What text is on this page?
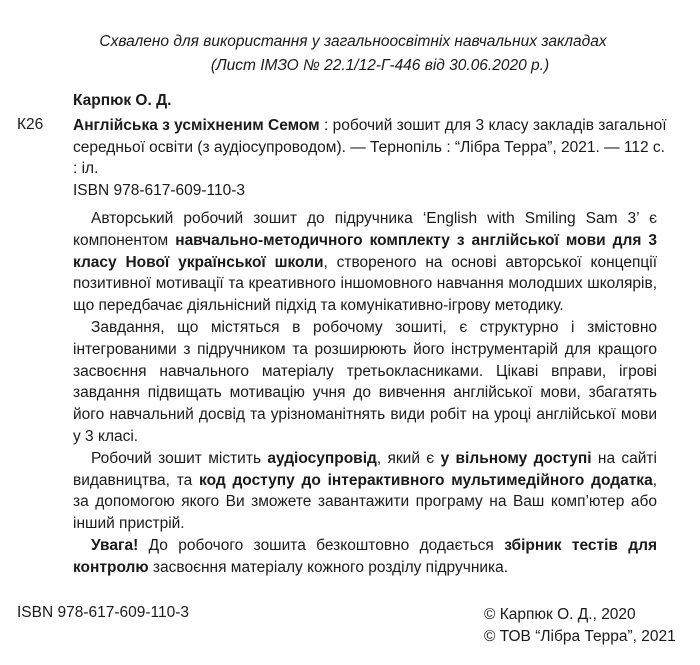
Схвалено для використання у загальноосвітніх навчальних закладах
(Лист ІМЗО № 22.1/12-Г-446 від 30.06.2020 р.)
Карпюк О. Д.
К26 Англійська з усміхненим Семом : робочий зошит для 3 класу закладів загальної середньої освіти (з аудіосупроводом). — Тернопіль : “Лібра Терра”, 2021. — 112 с. : іл.
ISBN 978-617-609-110-3

Авторський робочий зошит до підручника ‘English with Smiling Sam 3’ є компонентом навчально-методичного комплекту з англійської мови для 3 класу Нової української школи, створеного на основі авторської концепції позитивної мотивації та креативного іншомовного навчання молодших школярів, що передбачає діяльнісний підхід та комунікативно-ігрову методику.

Завдання, що містяться в робочому зошиті, є структурно і змістовно інтегрованими з підручником та розширюють його інструментарій для кращого засвоєння навчального матеріалу третьокласниками. Цікаві вправи, ігрові завдання підвищать мотивацію учня до вивчення англійської мови, збагатять його навчальний досвід та урізноманітнять види робіт на уроці англійської мови у 3 класі.

Робочий зошит містить аудіосупровід, який є у вільному доступі на сайті видавництва, та код доступу до інтерактивного мультимедійного додатка, за допомогою якого Ви зможете завантажити програму на Ваш комп’ютер або інший пристрій.

Увага! До робочого зошита безкоштовно додається збірник тестів для контролю засвоєння матеріалу кожного розділу підручника.

ISBN 978-617-609-110-3	© Карпюк О. Д., 2020
© ТОВ “Лібра Терра”, 2021
